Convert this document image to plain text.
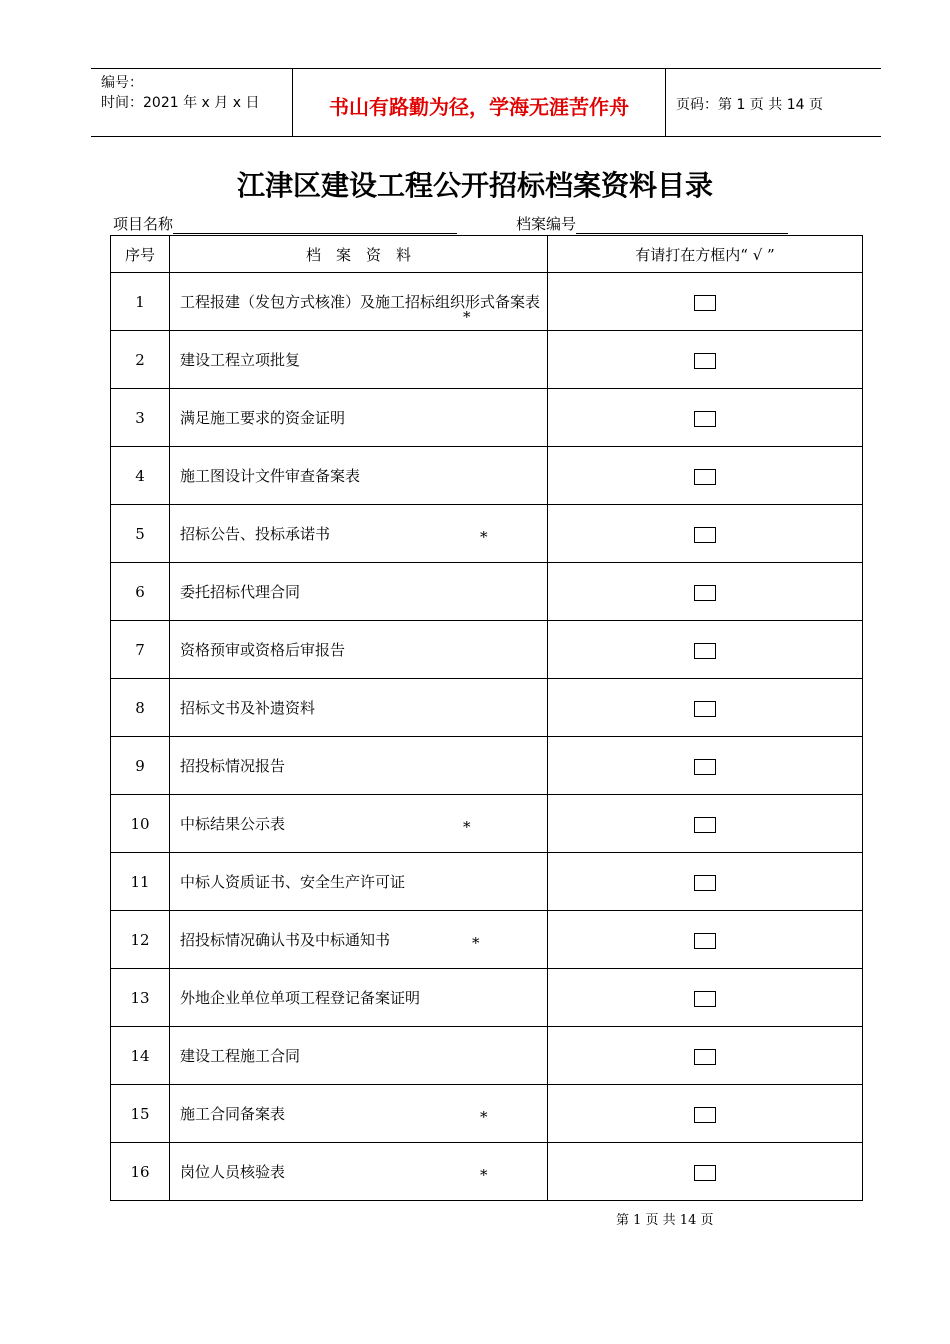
编号：
时间：2021 年 x 月 x 日	书山有路勤为径，学海无涯苦作舟	页码：第 1 页 共 14 页
江津区建设工程公开招标档案资料目录
项目名称	档案编号
序号	档　案　资　料	有请打在方框内“ √ ”
1	工程报建（发包方式核准）及施工招标组织形式备案表
*	

2	建设工程立项批复	
3	满足施工要求的资金证明	
4	施工图设计文件审查备案表	
5	招标公告、投标承诺书 *	

6	委托招标代理合同	
7	资格预审或资格后审报告	
8	招标文书及补遗资料	
9	招投标情况报告	
10	中标结果公示表 *	

11	中标人资质证书、安全生产许可证	
12	招投标情况确认书及中标通知书 *	

13	外地企业单位单项工程登记备案证明	
14	建设工程施工合同	
15	施工合同备案表 *	

16	岗位人员核验表 *	

第 1 页 共 14 页
